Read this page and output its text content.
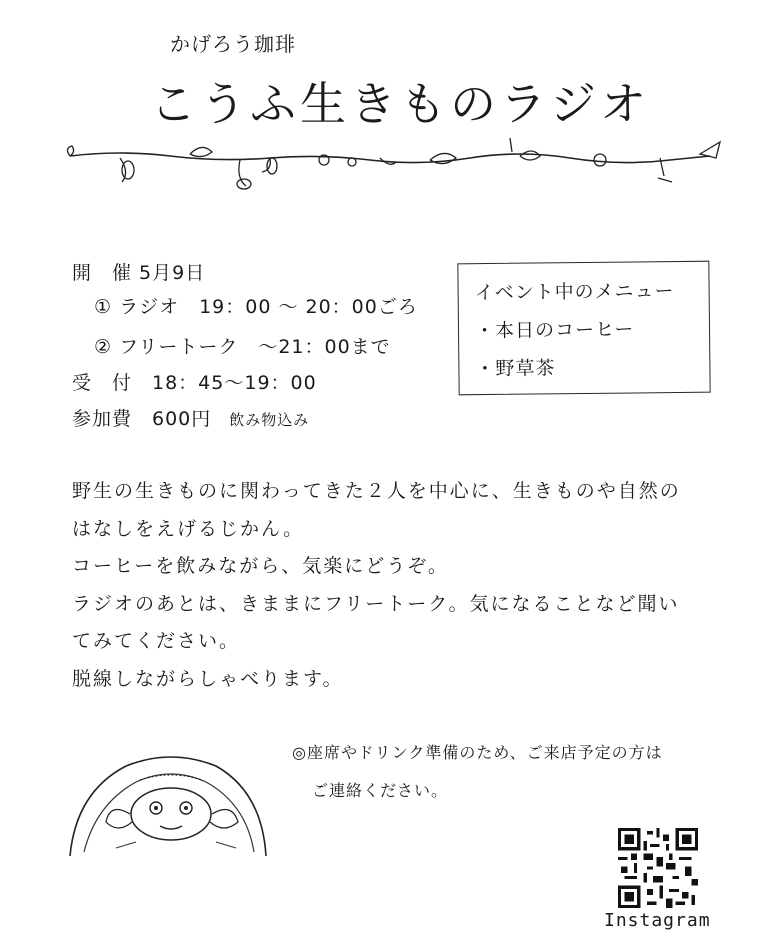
かげろう珈琲
こうふ生きものラジオ
開　催 5月9日
① ラジオ　19：00 ～ 20：00ごろ
② フリートーク　～21：00まで
受　付　18：45～19：00
参加費　600円 飲み物込み
イベント中のメニュー
・本日のコーヒー
・野草茶
野生の生きものに関わってきた２人を中心に、生きものや自然の
はなしをえげるじかん。
コーヒーを飲みながら、気楽にどうぞ。
ラジオのあとは、きままにフリートーク。気になることなど聞い
てみてください。
脱線しながらしゃべります。
◎座席やドリンク準備のため、ご来店予定の方は
ご連絡ください。
Instagram
